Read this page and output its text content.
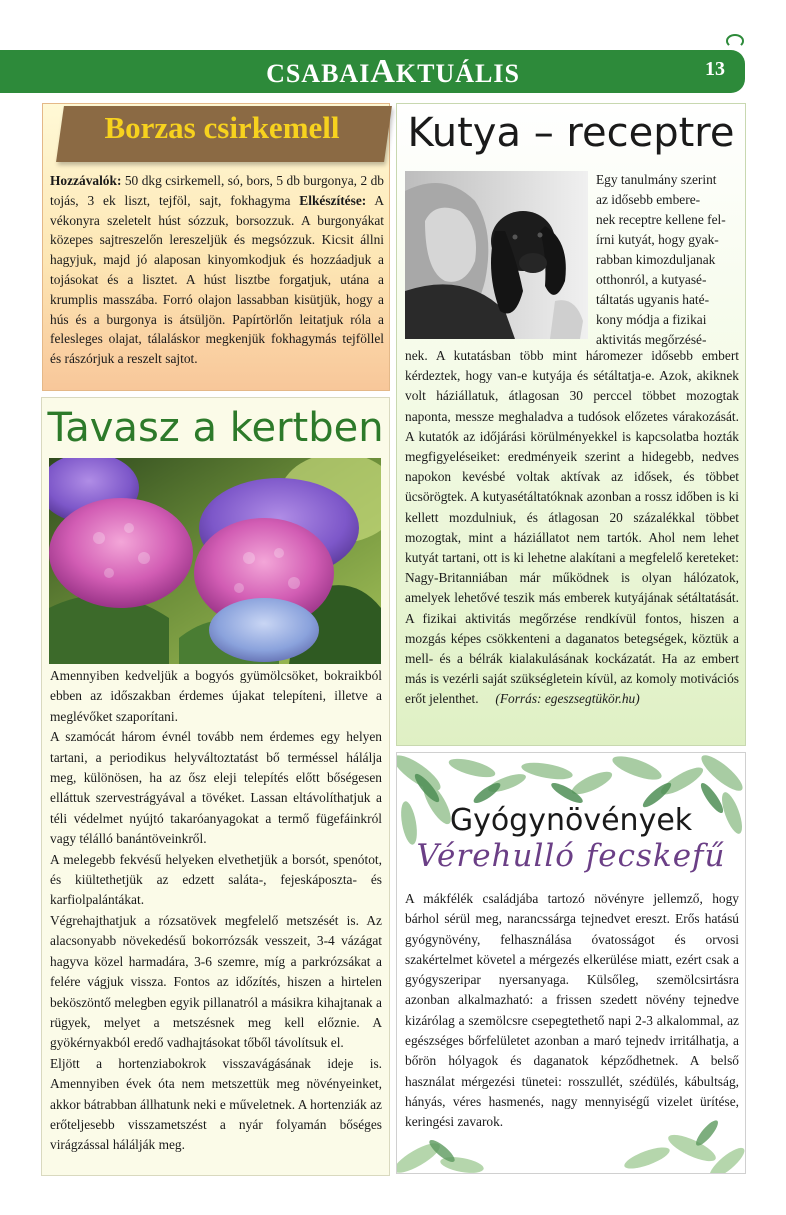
CSABAIAKTUÁLIS	13
Borzas csirkemell
Hozzávalók: 50 dkg csirkemell, só, bors, 5 db burgonya, 2 db tojás, 3 ek liszt, tejföl, sajt, fokhagyma Elkészítése: A vékonyra szeletelt húst sózzuk, borsozzuk. A burgonyákat közepes sajtreszelőn lereszeljük és megsózzuk. Kicsit állni hagyjuk, majd jó alaposan kinyomkodjuk és hozzáadjuk a tojásokat és a lisztet. A húst lisztbe forgatjuk, utána a krumplis masszába. Forró olajon lassabban kisütjük, hogy a hús és a burgonya is átsüljön. Papírtörlőn leitatjuk róla a felesleges olajat, tálaláskor megkenjük fokhagymás tejföllel és rászórjuk a reszelt sajtot.
Tavasz a kertben

Amennyiben kedveljük a bogyós gyümölcsöket, bokraikból ebben az időszakban érdemes újakat telepíteni, illetve a meglévőket szaporítani.

A szamócát három évnél tovább nem érdemes egy helyen tartani, a periodikus helyváltoztatást bő terméssel hálálja meg, különösen, ha az ősz eleji telepítés előtt bőségesen elláttuk szervestrágyával a tövéket. Lassan eltávolíthatjuk a téli védelmet nyújtó takaróanyagokat a termő fügefáinkról vagy télálló banántöveinkről.

A melegebb fekvésű helyeken elvethetjük a borsót, spenótot, és kiültethetjük az edzett saláta-, fejeskáposzta- és karfiolpalántákat.

Végrehajthatjuk a rózsatövek megfelelő metszését is. Az alacsonyabb növekedésű bokorrózsák vesszeit, 3-4 vázágat hagyva közel harmadára, 3-6 szemre, míg a parkrózsákat a felére vágjuk vissza. Fontos az időzítés, hiszen a hirtelen beköszöntő melegben egyik pillanatról a másikra kihajtanak a rügyek, melyet a metszésnek meg kell előznie. A gyökérnyakból eredő vadhajtásokat tőből távolítsuk el.

Eljött a hortenziabokrok visszavágásának ideje is. Amennyiben évek óta nem metszettük meg növényeinket, akkor bátrabban állhatunk neki e műveletnek. A hortenziák az erőteljesebb visszametszést a nyár folyamán bőséges virágzással hálálják meg.

Kutya – receptre
Egy tanulmány szerint
az idősebb embere-
nek receptre kellene fel-
írni kutyát, hogy gyak-
rabban kimozduljanak
otthonról, a kutyasé-
táltatás ugyanis haté-
kony módja a fizikai
aktivitás megőrzésé-
nek. A kutatásban több mint háromezer idősebb embert kérdeztek, hogy van-e kutyája és sétáltatja-e. Azok, akiknek volt háziállatuk, átlagosan 30 perccel többet mozogtak naponta, messze meghaladva a tudósok előzetes várakozását. A kutatók az időjárási körülményekkel is kapcsolatba hozták megfigyeléseiket: eredményeik szerint a hidegebb, nedves napokon kevésbé voltak aktívak az idősek, és többet ücsörögtek. A kutyasétáltatóknak azonban a rossz időben is ki kellett mozdulniuk, és átlagosan 20 százalékkal többet mozogtak, mint a háziállatot nem tartók. Ahol nem lehet kutyát tartani, ott is ki lehetne alakítani a megfelelő kereteket: Nagy-Britanniában már működnek is olyan hálózatok, amelyek lehetővé teszik más emberek kutyájának sétáltatását. A fizikai aktivitás megőrzése rendkívül fontos, hiszen a mozgás képes csökkenteni a daganatos betegségek, köztük a mell- és a bélrák kialakulásának kockázatát. Ha az embert más is vezérli saját szükségletein kívül, az komoly motivációs erőt jelenthet. (Forrás: egeszsegtükör.hu)
Gyógynövények
Vérehulló fecskefű
A mákfélék családjába tartozó növényre jellemző, hogy bárhol sérül meg, narancssárga tejnedvet ereszt. Erős hatású gyógynövény, felhasználása óvatosságot és orvosi szakértelmet követel a mérgezés elkerülése miatt, ezért csak a gyógyszeripar nyersanyaga. Külsőleg, szemölcsirtásra azonban alkalmazható: a frissen szedett növény tejnedve kizárólag a szemölcsre csepegtethető napi 2-3 alkalommal, az egészséges bőrfelületet azonban a maró tejnedv irritálhatja, a bőrön hólyagok és daganatok képződhetnek. A belső használat mérgezési tünetei: rosszullét, szédülés, kábultság, hányás, véres hasmenés, nagy mennyiségű vizelet ürítése, keringési zavarok.
